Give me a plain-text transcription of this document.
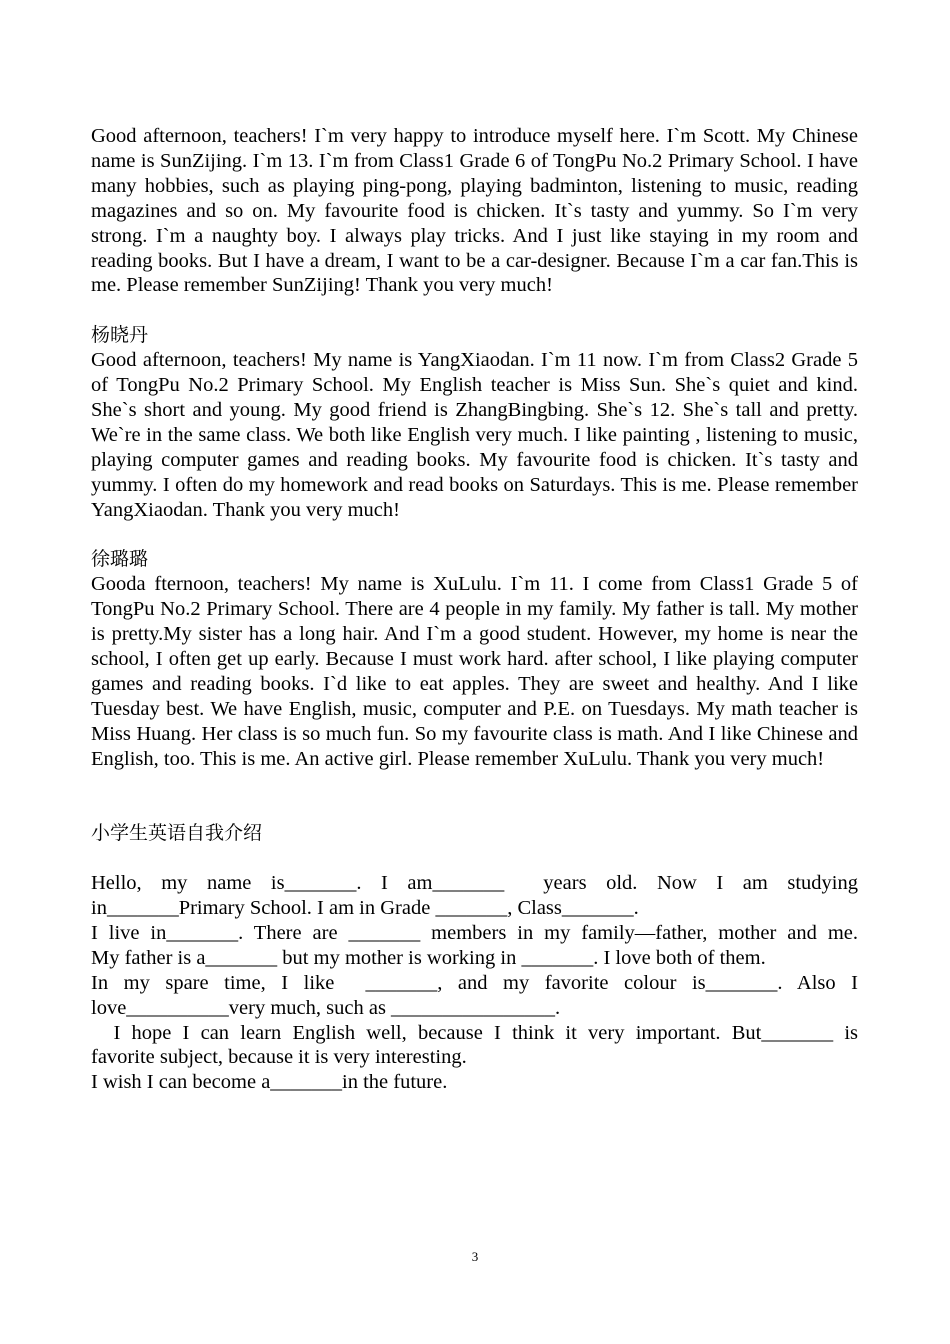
Good afternoon, teachers! I`m very happy to introduce myself here. I`m Scott. My Chinese name is SunZijing. I`m 13. I`m from Class1 Grade 6 of TongPu No.2 Primary School. I have many hobbies, such as playing ping-pong, playing badminton, listening to music, reading magazines and so on. My favourite food is chicken. It`s tasty and yummy. So I`m very strong. I`m a naughty boy. I always play tricks. And I just like staying in my room and reading books. But I have a dream, I want to be a car-designer. Because I`m a car fan.This is me. Please remember SunZijing! Thank you very much!

杨晓丹

Good afternoon, teachers! My name is YangXiaodan. I`m 11 now. I`m from Class2 Grade 5 of TongPu No.2 Primary School. My English teacher is Miss Sun. She`s quiet and kind. She`s short and young. My good friend is ZhangBingbing. She`s 12. She`s tall and pretty. We`re in the same class. We both like English very much. I like painting , listening to music, playing computer games and reading books. My favourite food is chicken. It`s tasty and yummy. I often do my homework and read books on Saturdays. This is me. Please remember YangXiaodan. Thank you very much!

徐璐璐

Gooda fternoon, teachers! My name is XuLulu. I`m 11. I come from Class1 Grade 5 of TongPu No.2 Primary School. There are 4 people in my family. My father is tall. My mother is pretty.My sister has a long hair. And I`m a good student. However, my home is near the school, I often get up early. Because I must work hard. after school, I like playing computer games and reading books. I`d like to eat apples. They are sweet and healthy. And I like Tuesday best. We have English, music, computer and P.E. on Tuesdays. My math teacher is Miss Huang. Her class is so much fun. So my favourite class is math. And I like Chinese and English, too. This is me. An active girl. Please remember XuLulu. Thank you very much!

小学生英语自我介绍

Hello, my name is_______. I am_______  years old. Now I am studying

in_______Primary School. I am in Grade _______, Class_______.

I live in_______. There are _______ members in my family—father, mother and me.

My father is a_______ but my mother is working in _______. I love both of them.

In my spare time, I like  _______, and my favorite colour is_______. Also I

love__________very much, such as ________________.

I hope I can learn English well, because I think it very important. But_______ is

favorite subject, because it is very interesting.

I wish I can become a_______in the future.

3
